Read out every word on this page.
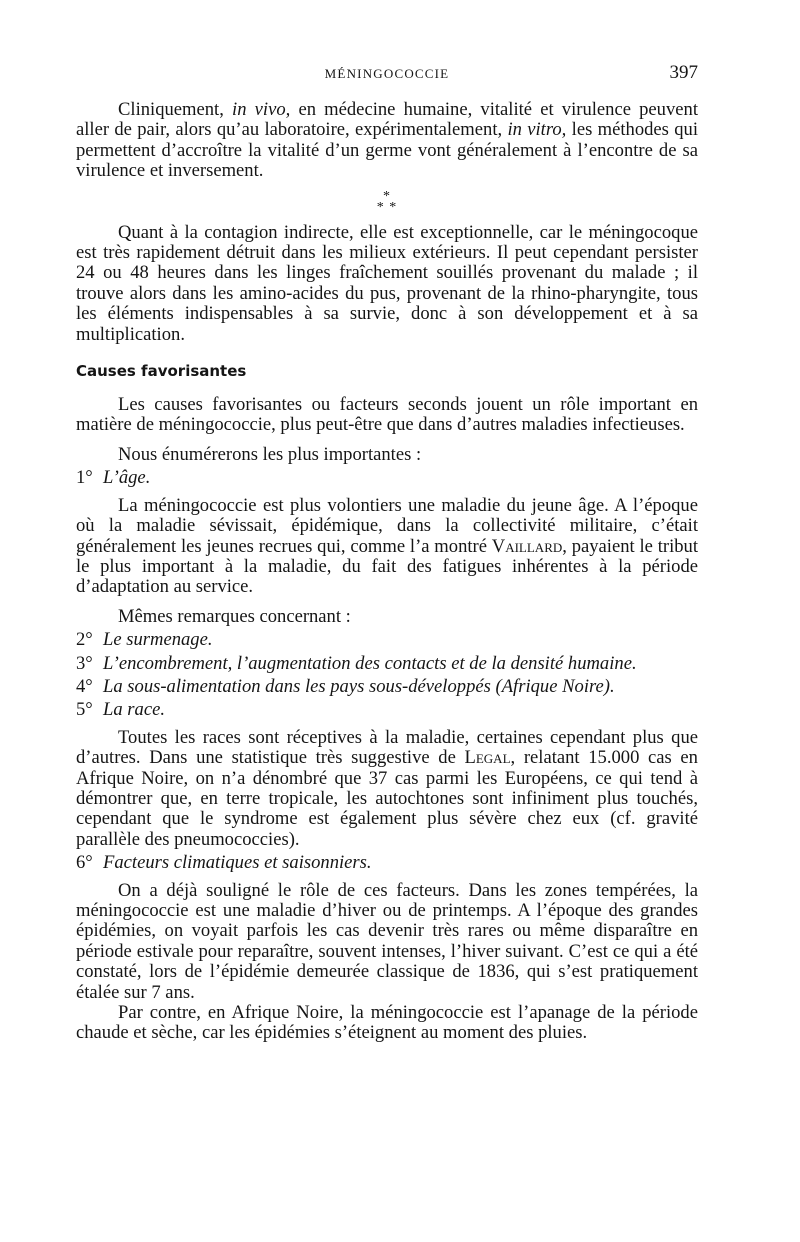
MÉNINGOCOCCIE	397

Cliniquement, in vivo, en médecine humaine, vitalité et virulence peuvent aller de pair, alors qu’au laboratoire, expérimentalement, in vitro, les méthodes qui permettent d’accroître la vitalité d’un germe vont généralement à l’encontre de sa virulence et inversement.

*
* *

Quant à la contagion indirecte, elle est exceptionnelle, car le méningocoque est très rapidement détruit dans les milieux extérieurs. Il peut cependant persister 24 ou 48 heures dans les linges fraîchement souillés provenant du malade ; il trouve alors dans les amino-acides du pus, provenant de la rhino-pharyngite, tous les éléments indispensables à sa survie, donc à son développement et à sa multiplication.

Causes favorisantes

Les causes favorisantes ou facteurs seconds jouent un rôle important en matière de méningococcie, plus peut-être que dans d’autres maladies infectieuses.

Nous énumérerons les plus importantes :

1° L’âge.

La méningococcie est plus volontiers une maladie du jeune âge. A l’époque où la maladie sévissait, épidémique, dans la collectivité militaire, c’était généralement les jeunes recrues qui, comme l’a montré Vaillard, payaient le tribut le plus important à la maladie, du fait des fatigues inhérentes à la période d’adaptation au service.

Mêmes remarques concernant :

2° Le surmenage.
3° L’encombrement, l’augmentation des contacts et de la densité humaine.
4° La sous-alimentation dans les pays sous-développés (Afrique Noire).
5° La race.

Toutes les races sont réceptives à la maladie, certaines cependant plus que d’autres. Dans une statistique très suggestive de Legal, relatant 15.000 cas en Afrique Noire, on n’a dénombré que 37 cas parmi les Européens, ce qui tend à démontrer que, en terre tropicale, les autochtones sont infiniment plus touchés, cependant que le syndrome est également plus sévère chez eux (cf. gravité parallèle des pneumococcies).

6° Facteurs climatiques et saisonniers.

On a déjà souligné le rôle de ces facteurs. Dans les zones tempérées, la méningococcie est une maladie d’hiver ou de printemps. A l’époque des grandes épidémies, on voyait parfois les cas devenir très rares ou même disparaître en période estivale pour reparaître, souvent intenses, l’hiver suivant. C’est ce qui a été constaté, lors de l’épidémie demeurée classique de 1836, qui s’est pratiquement étalée sur 7 ans.

Par contre, en Afrique Noire, la méningococcie est l’apanage de la période chaude et sèche, car les épidémies s’éteignent au moment des pluies.
